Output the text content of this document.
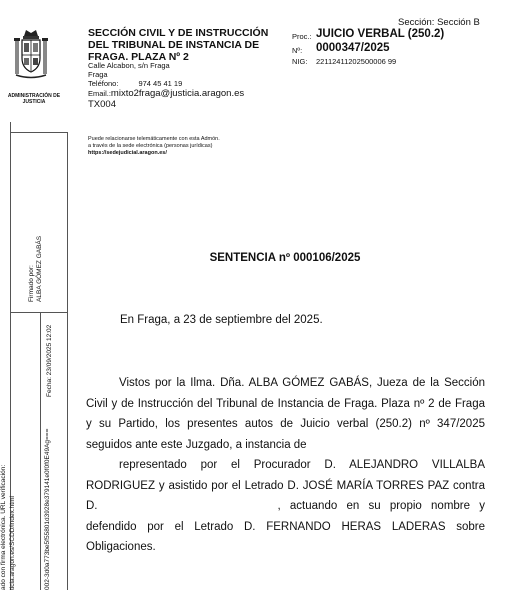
Sección: Sección B
ADMINISTRACIÓN DE JUSTICIA
SECCIÓN CIVIL Y DE INSTRUCCIÓN DEL TRIBUNAL DE INSTANCIA DE FRAGA. PLAZA Nº 2
Calle Alcabon, s/n Fraga
Fraga
Teléfono:	974 45 41 19
Email.:mixto2fraga@justicia.aragon.es
TX004
Proc.: JUICIO VERBAL (250.2)
Nº: 0000347/2025
NIG: 22112411202500006 99
Puede relacionarse telemáticamente con esta Admón.
a través de la sede electrónica (personas jurídicas)
https://sedejudicial.aragon.es/
Firmado por: ALBA GÓMEZ GABÁS
Fecha: 23/09/2025 12:02
ado con firma electrónica. URL verificación: ticia.aragon.es/SCDD/index.html	002-3d0a773be5f55801d3928e379141e0f0f0E49Ag===
SENTENCIA nº 000106/2025
En Fraga, a 23 de septiembre del 2025.
Vistos por la Ilma. Dña. ALBA GÓMEZ GABÁS, Jueza de la Sección Civil y de Instrucción del Tribunal de Instancia de Fraga. Plaza nº 2 de Fraga y su Partido, los presentes autos de Juicio verbal (250.2) nº 347/2025 seguidos ante este Juzgado, a instancia de
representado por el Procurador D. ALEJANDRO VILLALBA RODRIGUEZ y asistido por el Letrado D. JOSÉ MARÍA TORRES PAZ contra D.	, actuando en su propio nombre y defendido por el Letrado D. FERNANDO HERAS LADERAS sobre Obligaciones.
